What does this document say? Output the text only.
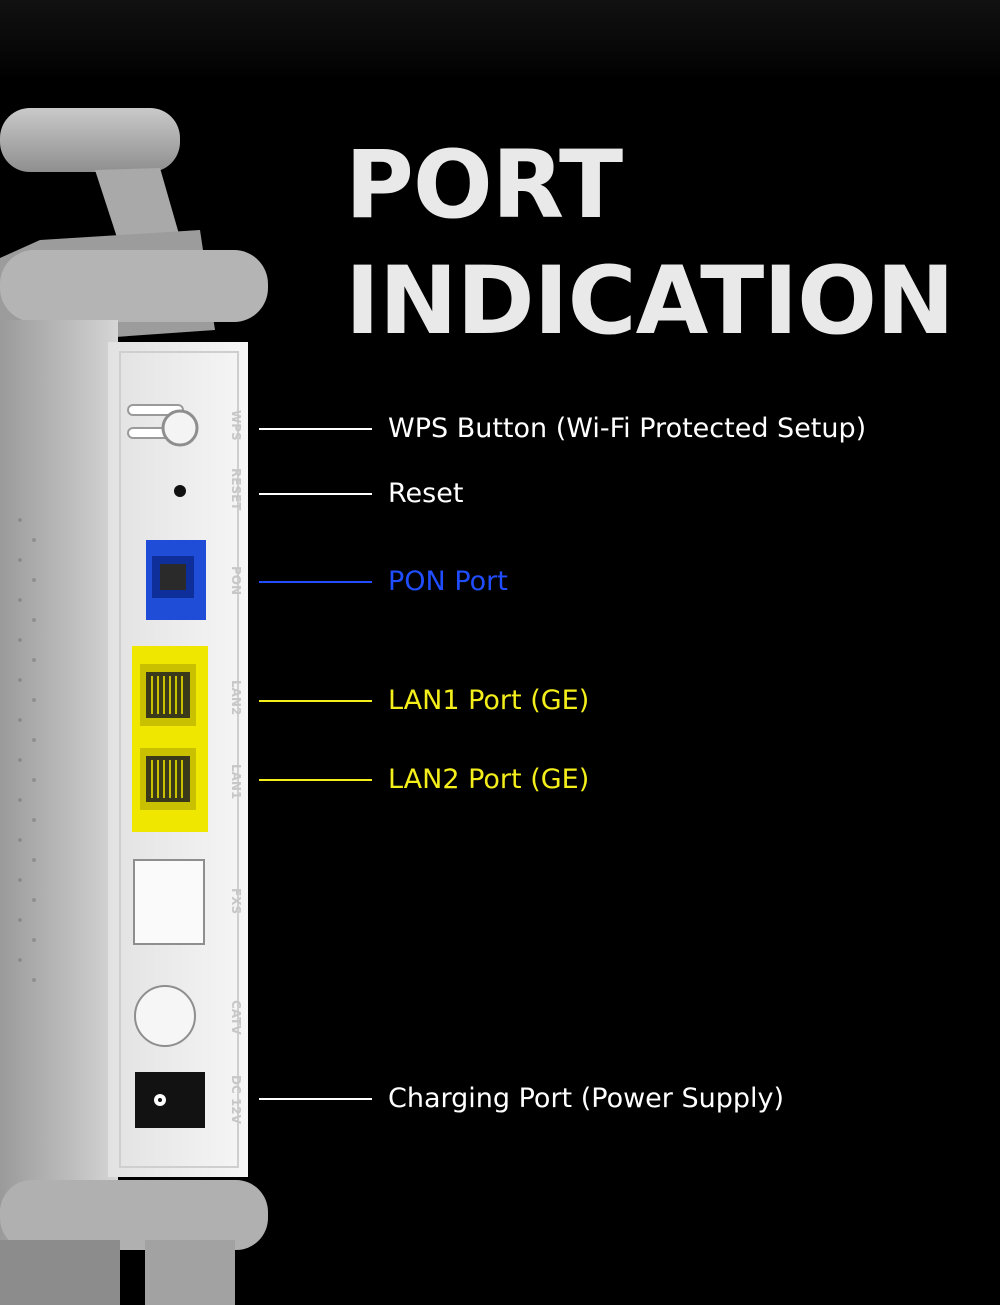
WPS
RESET
PON
LAN2
LAN1
FXS
CATV
DC 12V
PORT
INDICATION
WPS Button (Wi-Fi Protected Setup)
Reset
PON Port
LAN1 Port (GE)
LAN2 Port (GE)
Charging Port (Power Supply)
